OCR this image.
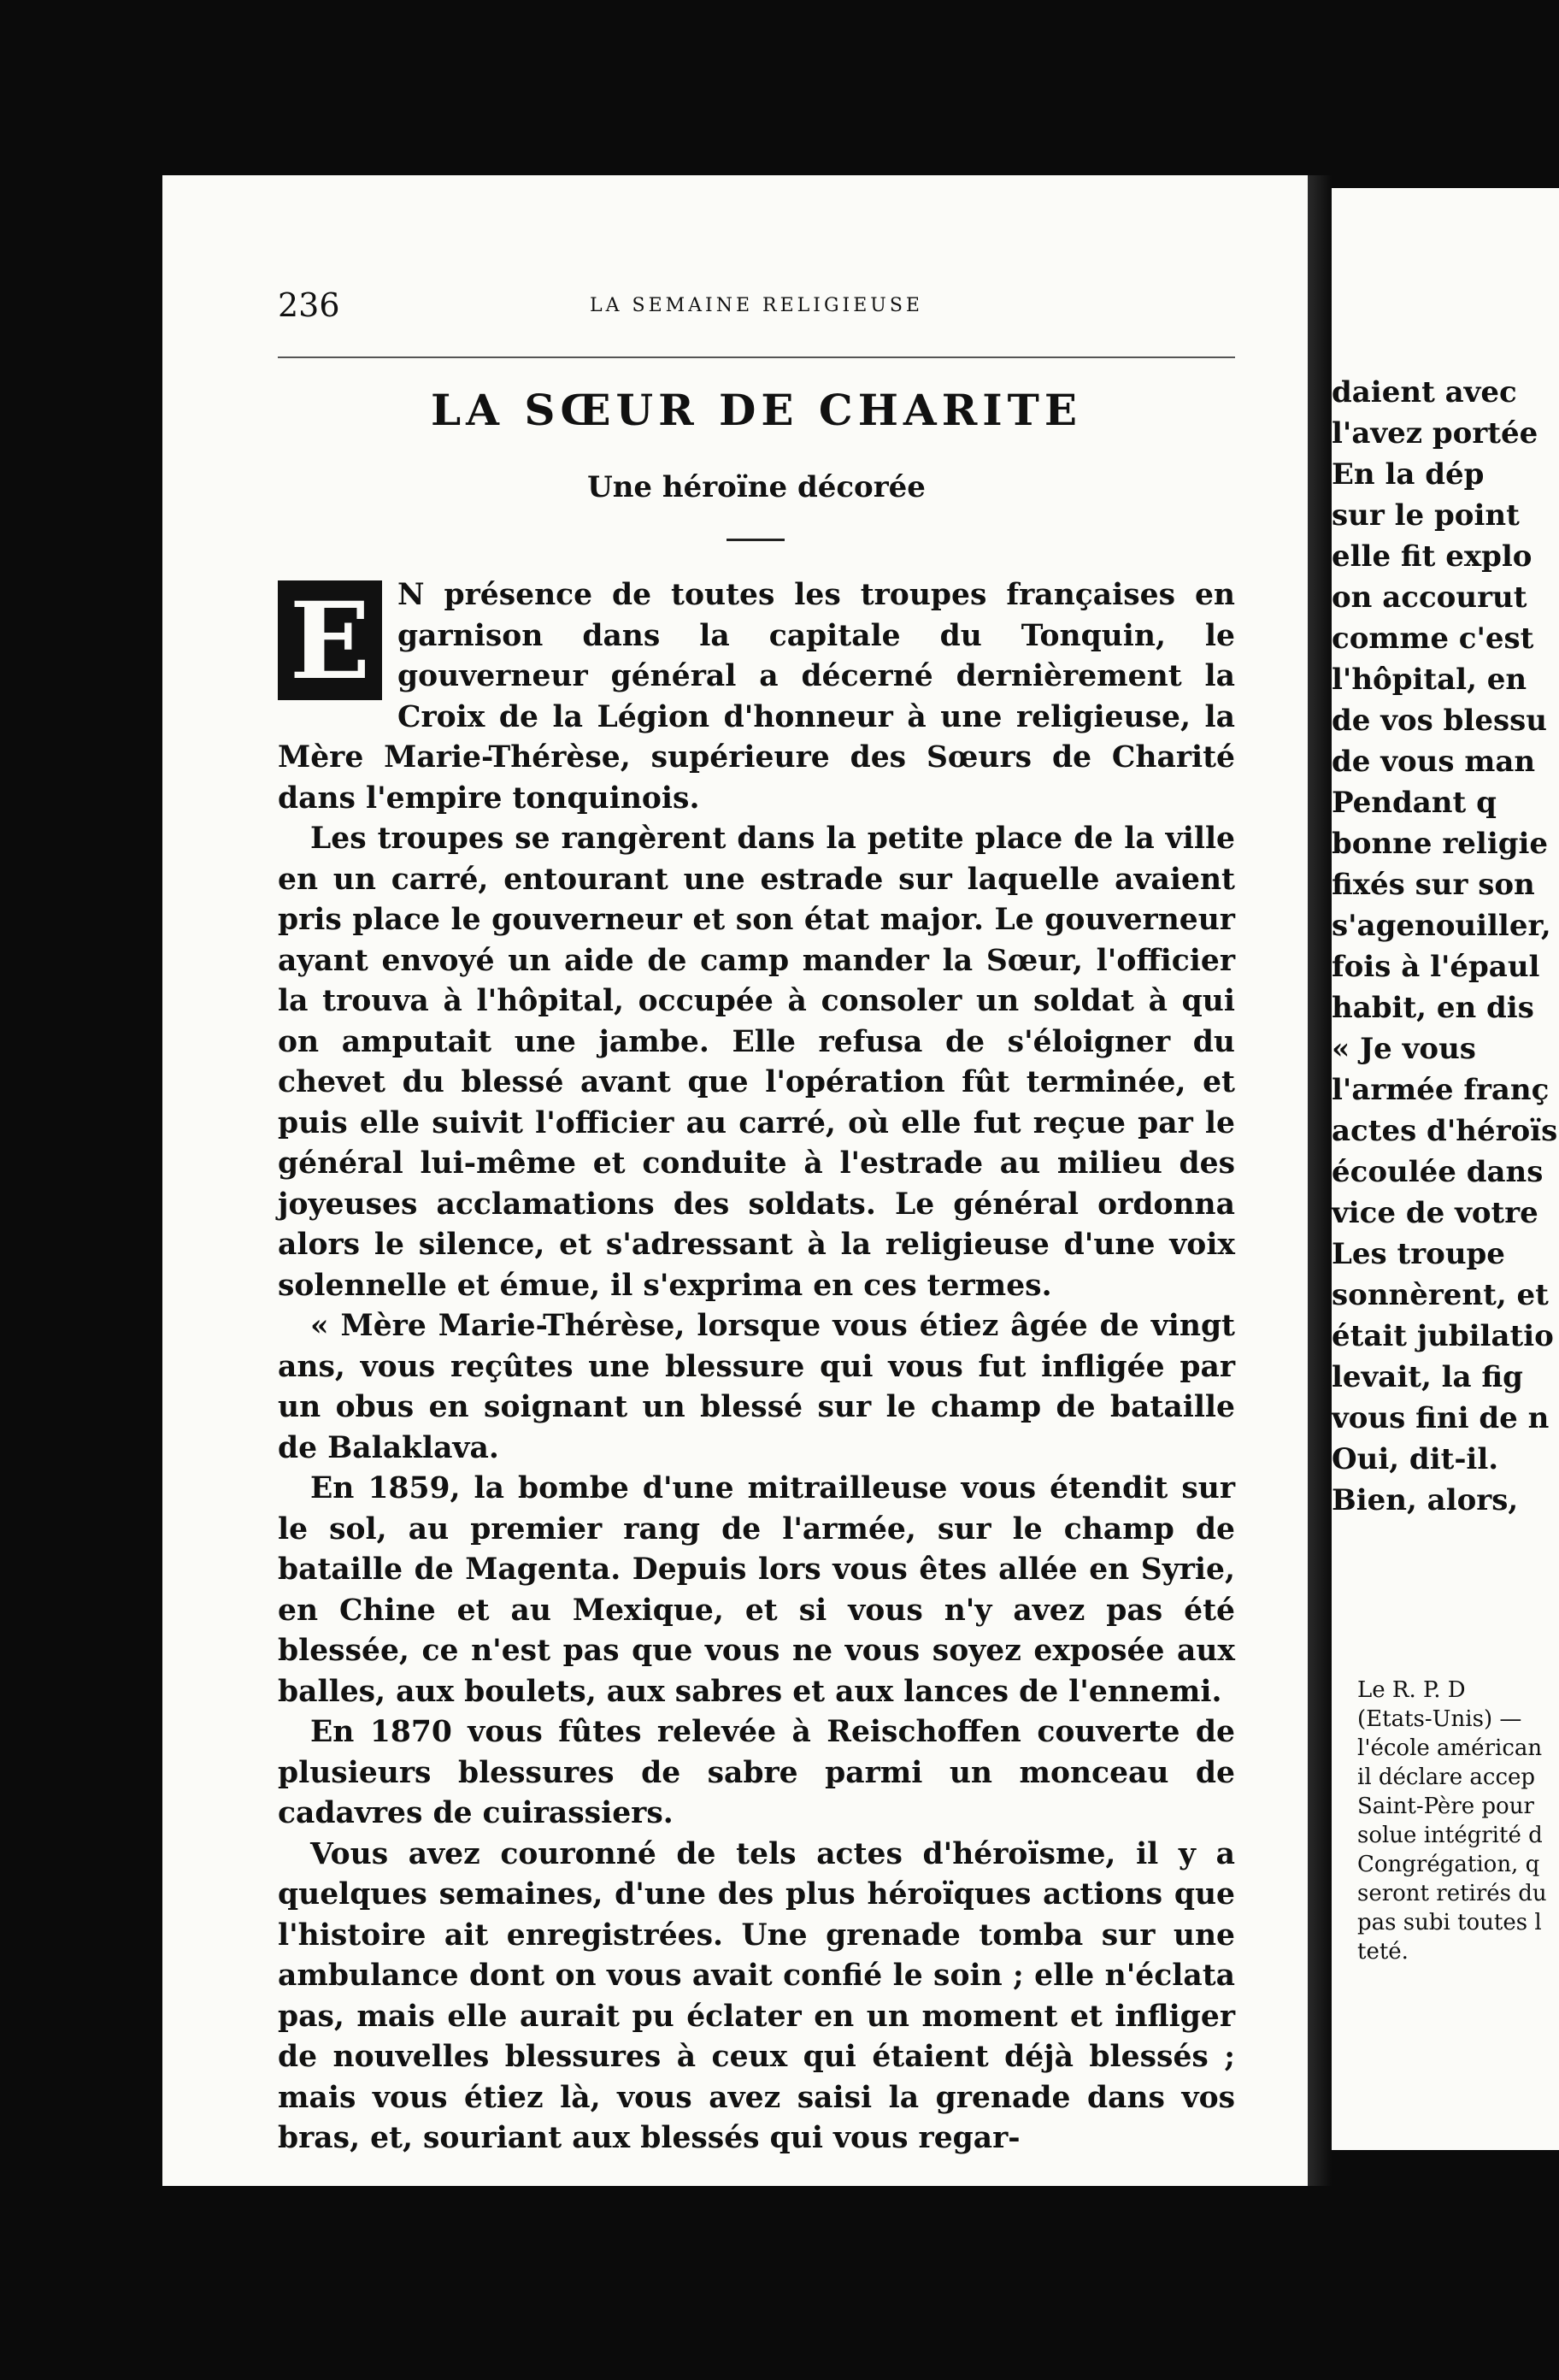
236	LA SEMAINE RELIGIEUSE
LA SŒUR DE CHARITE
Une héroïne décorée

E N présence de toutes les troupes françaises en garnison dans la capitale du Tonquin, le gouverneur général a décerné dernièrement la Croix de la Légion d'honneur à une religieuse, la Mère Marie-Thérèse, supérieure des Sœurs de Charité dans l'empire tonquinois.

Les troupes se rangèrent dans la petite place de la ville en un carré, entourant une estrade sur laquelle avaient pris place le gouverneur et son état major. Le gouverneur ayant envoyé un aide de camp mander la Sœur, l'officier la trouva à l'hôpital, occupée à consoler un soldat à qui on amputait une jambe. Elle refusa de s'éloigner du chevet du blessé avant que l'opération fût terminée, et puis elle suivit l'officier au carré, où elle fut reçue par le général lui-même et conduite à l'estrade au milieu des joyeuses acclamations des soldats. Le général ordonna alors le silence, et s'adressant à la religieuse d'une voix solennelle et émue, il s'exprima en ces termes.

« Mère Marie-Thérèse, lorsque vous étiez âgée de vingt ans, vous reçûtes une blessure qui vous fut infligée par un obus en soignant un blessé sur le champ de bataille de Balaklava.

En 1859, la bombe d'une mitrailleuse vous étendit sur le sol, au premier rang de l'armée, sur le champ de bataille de Magenta. Depuis lors vous êtes allée en Syrie, en Chine et au Mexique, et si vous n'y avez pas été blessée, ce n'est pas que vous ne vous soyez exposée aux balles, aux boulets, aux sabres et aux lances de l'ennemi.

En 1870 vous fûtes relevée à Reischoffen couverte de plusieurs blessures de sabre parmi un monceau de cadavres de cuirassiers.

Vous avez couronné de tels actes d'héroïsme, il y a quelques semaines, d'une des plus héroïques actions que l'histoire ait enregistrées. Une grenade tomba sur une ambulance dont on vous avait confié le soin ; elle n'éclata pas, mais elle aurait pu éclater en un moment et infliger de nouvelles blessures à ceux qui étaient déjà blessés ; mais vous étiez là, vous avez saisi la grenade dans vos bras, et, souriant aux blessés qui vous regar-

daient avec
l'avez portée
En la dép
sur le point
elle fit explo
on accourut
comme c'est
l'hôpital, en
de vos blessu
de vous man
Pendant q
bonne religie
fixés sur son
s'agenouiller,
fois à l'épaul
habit, en dis
« Je vous
l'armée franç
actes d'héroïs
écoulée dans
vice de votre
Les troupe
sonnèrent, et
était jubilatio
levait, la fig
vous fini de n
Oui, dit-il.
Bien, alors,
Le R. P. D
(Etats-Unis) —
l'école américan
il déclare accep
Saint-Père pour
solue intégrité d
Congrégation, q
seront retirés du
pas subi toutes l
teté.
